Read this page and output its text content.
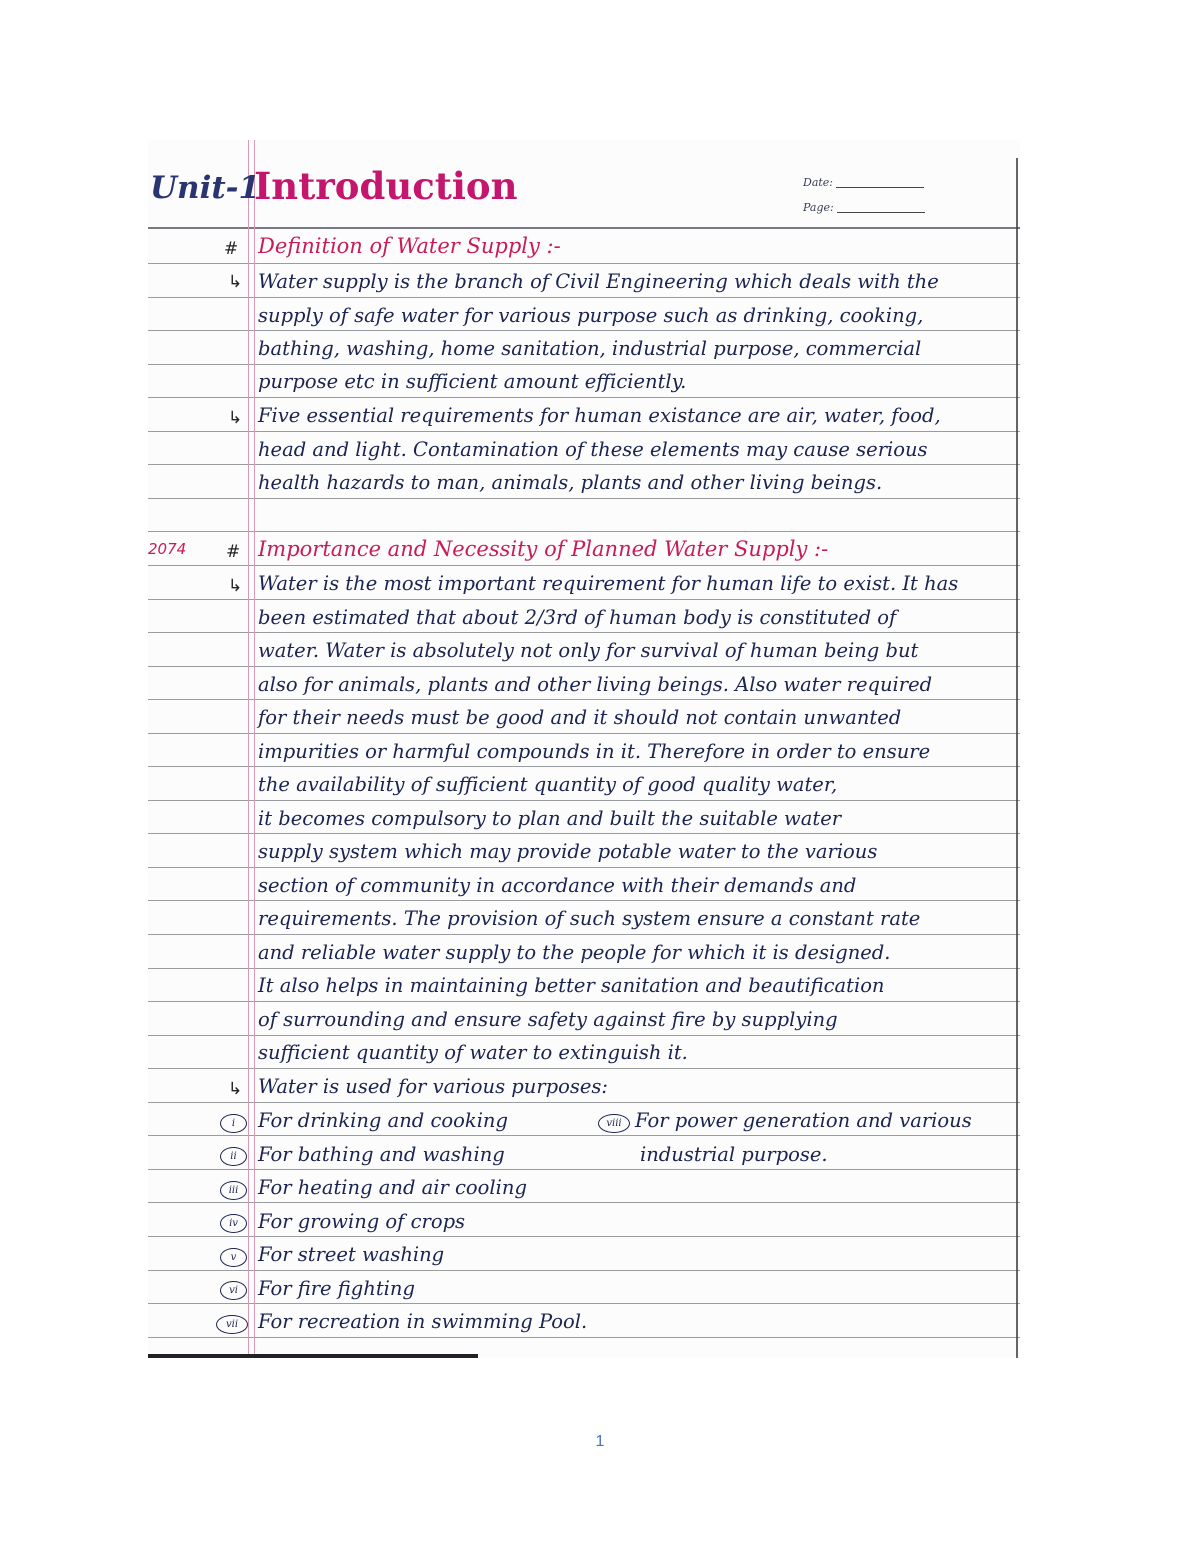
Unit-1
Introduction	Date:
Page:
# Definition of Water Supply :-
↳ Water supply is the branch of Civil Engineering which deals with the
supply of safe water for various purpose such as drinking, cooking,
bathing, washing, home sanitation, industrial purpose, commercial
purpose etc in sufficient amount efficiently.
↳ Five essential requirements for human existance are air, water, food,
head and light. Contamination of these elements may cause serious
health hazards to man, animals, plants and other living beings.
2074 # Importance and Necessity of Planned Water Supply :-
↳ Water is the most important requirement for human life to exist. It has
been estimated that about 2/3rd of human body is constituted of
water. Water is absolutely not only for survival of human being but
also for animals, plants and other living beings. Also water required
for their needs must be good and it should not contain unwanted
impurities or harmful compounds in it. Therefore in order to ensure
the availability of sufficient quantity of good quality water,
it becomes compulsory to plan and built the suitable water
supply system which may provide potable water to the various
section of community in accordance with their demands and
requirements. The provision of such system ensure a constant rate
and reliable water supply to the people for which it is designed.
It also helps in maintaining better sanitation and beautification
of surrounding and ensure safety against fire by supplying
sufficient quantity of water to extinguish it.
↳ Water is used for various purposes:
i	For drinking and cooking
ii	For bathing and washing
iii	For heating and air cooling
iv	For growing of crops
v	For street washing
vi	For fire fighting
vii	For recreation in swimming Pool.
viii For power generation and various
industrial purpose.
1
